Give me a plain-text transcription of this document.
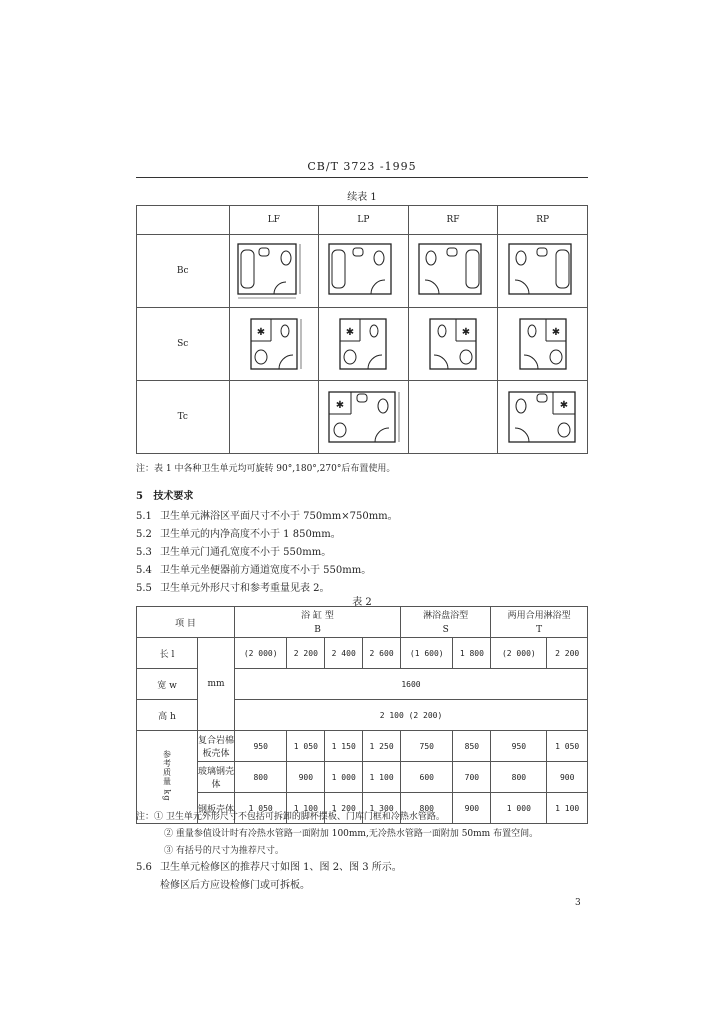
CB/T 3723 -1995
续表 1
	LF	LP	RF	RP
Bc	

Sc	✱	✱	✱	✱

Tc		✱		✱
注：表 1 中各种卫生单元均可旋转 90°,180°,270°后布置使用。
5 技术要求
5.1 卫生单元淋浴区平面尺寸不小于 750mm×750mm。
5.2 卫生单元的内净高度不小于 1 850mm。
5.3 卫生单元门通孔宽度不小于 550mm。
5.4 卫生单元坐便器前方通道宽度不小于 550mm。
5.5 卫生单元外形尺寸和参考重量见表 2。
表 2
项 目		浴 缸 型				淋浴盘浴型		两用合用淋浴型	
		B				S		T	
长 l	mm	(2 000)	2 200	2 400	2 600	(1 600)	1 800	(2 000)	2 200
宽 w		1600							
高 h		2 100 (2 200)							
参考质量 kg	复合岩棉板壳体	950	1 050	1 150	1 250	750	850	950	1 050
	玻璃钢壳体	800	900	1 000	1 100	600	700	800	900
	钢板壳体	1 050	1 100	1 200	1 300	800	900	1 000	1 100
注：① 卫生单元外形尺寸不包括可拆卸的脚杯摆板、门库门框和冷热水管路。
② 重量参值设计时有冷热水管路一面附加 100mm,无冷热水管路一面附加 50mm 布置空间。
③ 有括号的尺寸为推荐尺寸。
5.6 卫生单元检修区的推荐尺寸如图 1、图 2、图 3 所示。
检修区后方应设检修门或可拆板。
3
